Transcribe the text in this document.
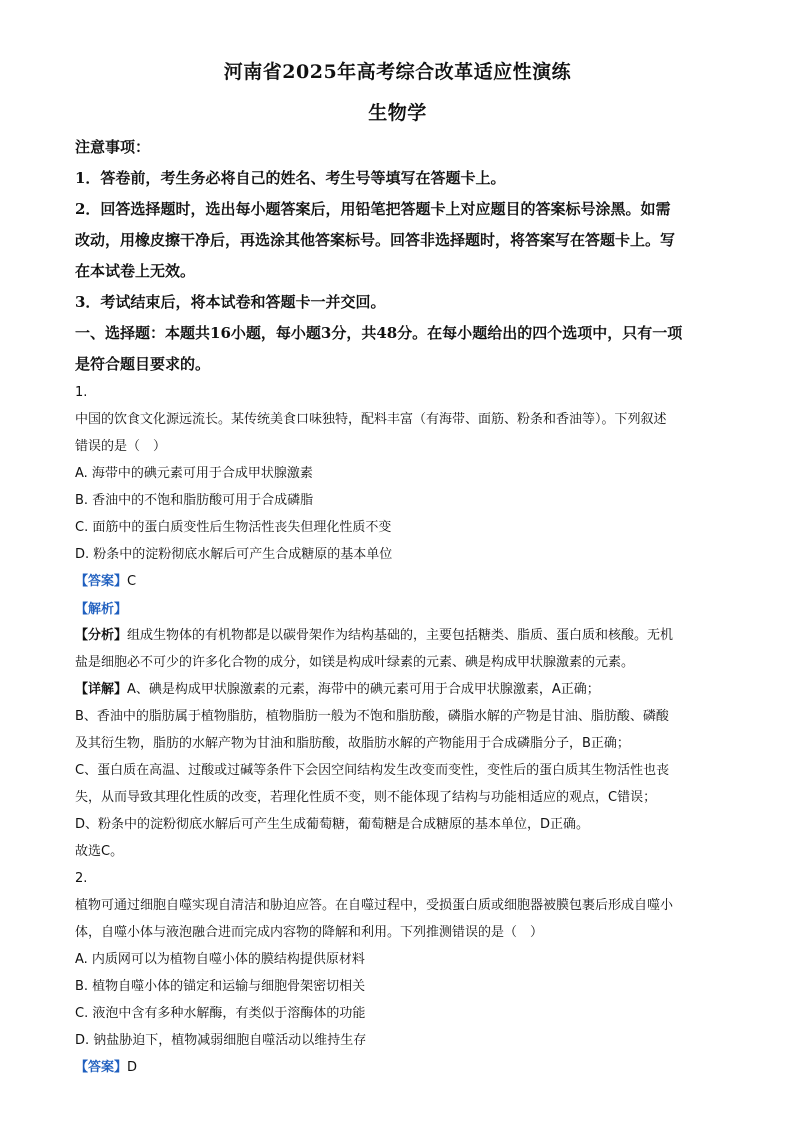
河南省2025年高考综合改革适应性演练
生物学
注意事项：
1．答卷前，考生务必将自己的姓名、考生号等填写在答题卡上。
2．回答选择题时，选出每小题答案后，用铅笔把答题卡上对应题目的答案标号涂黑。如需
改动，用橡皮擦干净后，再选涂其他答案标号。回答非选择题时，将答案写在答题卡上。写
在本试卷上无效。
3．考试结束后，将本试卷和答题卡一并交回。
一、选择题：本题共16小题，每小题3分，共48分。在每小题给出的四个选项中，只有一项
是符合题目要求的。
1.
中国的饮食文化源远流长。某传统美食口味独特，配料丰富（有海带、面筋、粉条和香油等）。下列叙述
错误的是（　）
A. 海带中的碘元素可用于合成甲状腺激素
B. 香油中的不饱和脂肪酸可用于合成磷脂
C. 面筋中的蛋白质变性后生物活性丧失但理化性质不变
D. 粉条中的淀粉彻底水解后可产生合成糖原的基本单位
【答案】C
【解析】
【分析】组成生物体的有机物都是以碳骨架作为结构基础的，主要包括糖类、脂质、蛋白质和核酸。无机
盐是细胞必不可少的许多化合物的成分，如镁是构成叶绿素的元素、碘是构成甲状腺激素的元素。
【详解】A、碘是构成甲状腺激素的元素，海带中的碘元素可用于合成甲状腺激素，A正确；
B、香油中的脂肪属于植物脂肪，植物脂肪一般为不饱和脂肪酸，磷脂水解的产物是甘油、脂肪酸、磷酸
及其衍生物，脂肪的水解产物为甘油和脂肪酸，故脂肪水解的产物能用于合成磷脂分子，B正确；
C、蛋白质在高温、过酸或过碱等条件下会因空间结构发生改变而变性，变性后的蛋白质其生物活性也丧
失，从而导致其理化性质的改变，若理化性质不变，则不能体现了结构与功能相适应的观点，C错误；
D、粉条中的淀粉彻底水解后可产生生成葡萄糖，葡萄糖是合成糖原的基本单位，D正确。
故选C。
2.
植物可通过细胞自噬实现自清洁和胁迫应答。在自噬过程中，受损蛋白质或细胞器被膜包裹后形成自噬小
体，自噬小体与液泡融合进而完成内容物的降解和利用。下列推测错误的是（　）
A. 内质网可以为植物自噬小体的膜结构提供原材料
B. 植物自噬小体的锚定和运输与细胞骨架密切相关
C. 液泡中含有多种水解酶，有类似于溶酶体的功能
D. 钠盐胁迫下，植物减弱细胞自噬活动以维持生存
【答案】D
